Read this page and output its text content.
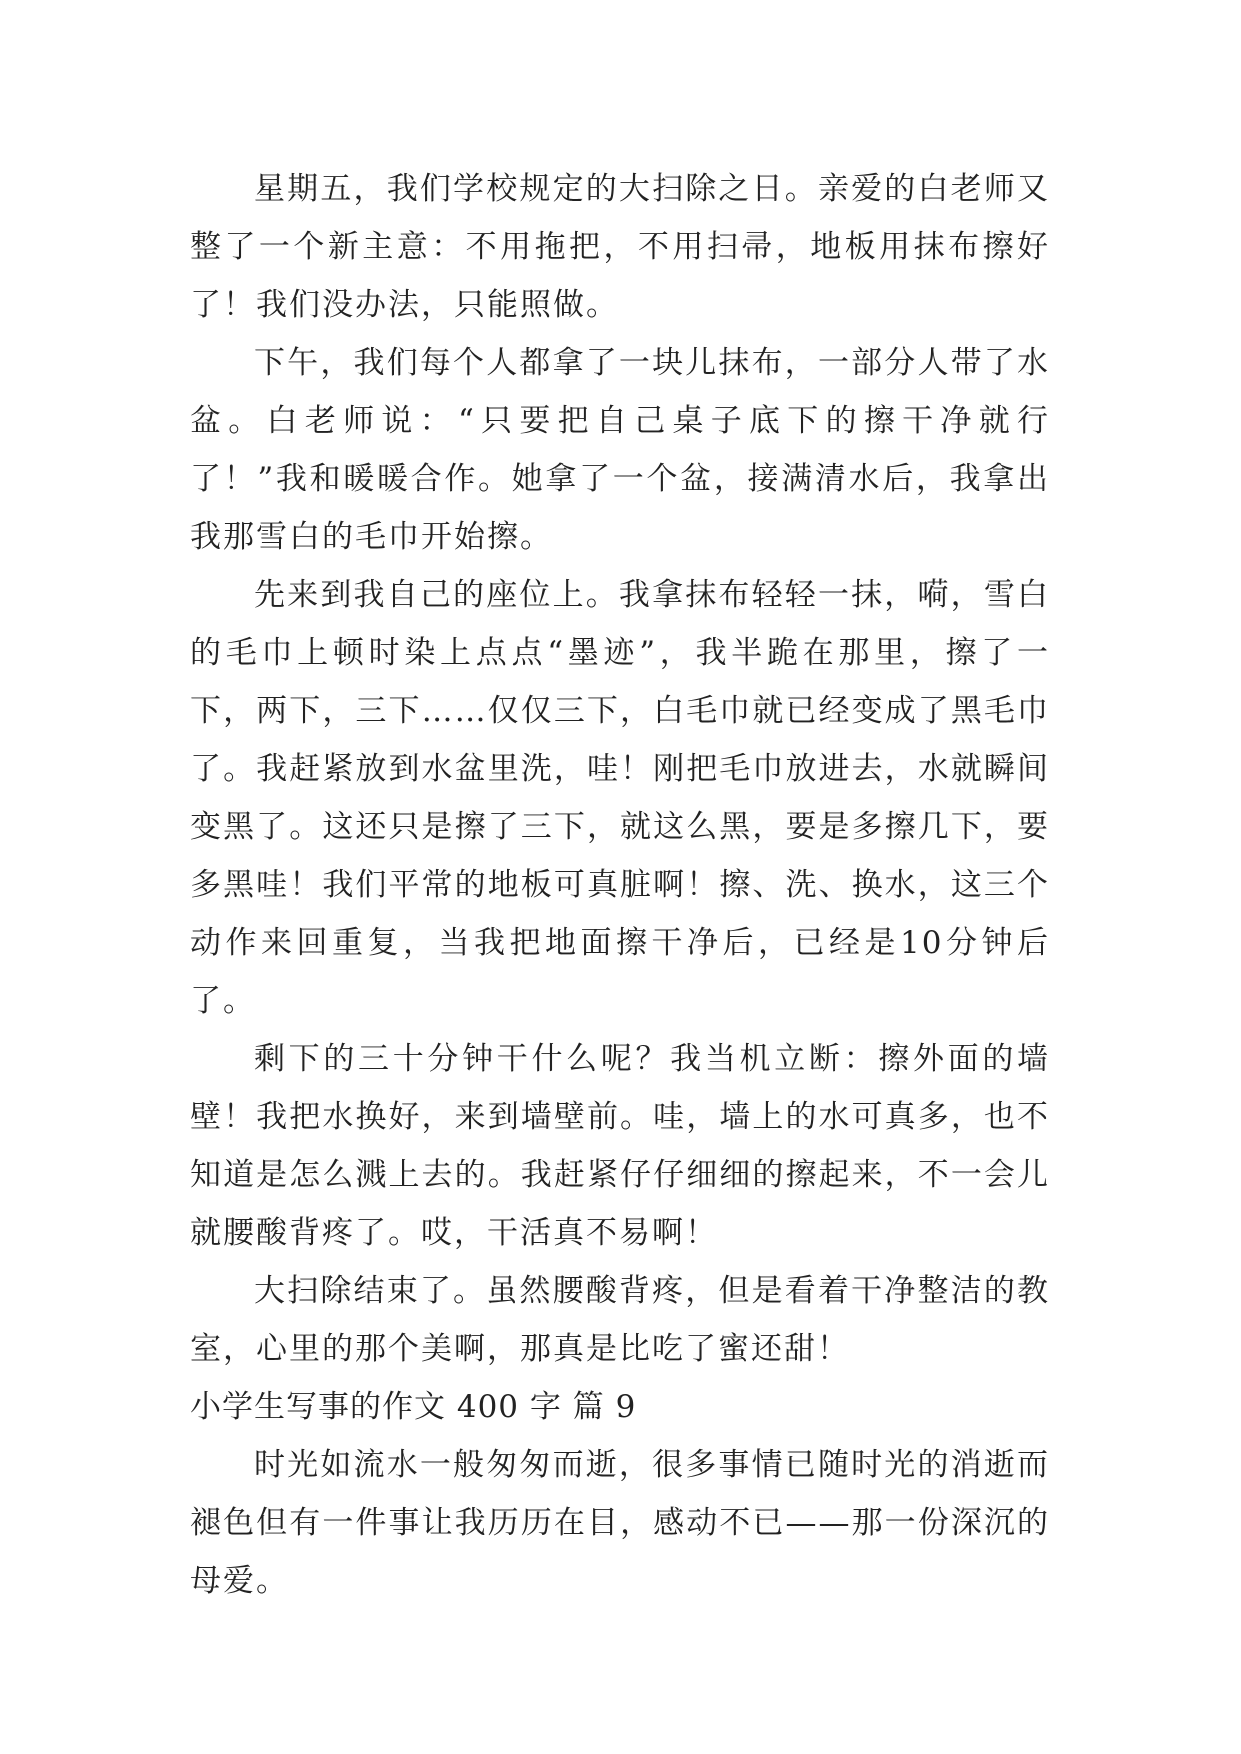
星期五，我们学校规定的大扫除之日。亲爱的白老师又整了一个新主意：不用拖把，不用扫帚，地板用抹布擦好了！我们没办法，只能照做。

下午，我们每个人都拿了一块儿抹布，一部分人带了水盆。白老师说：“只要把自己桌子底下的擦干净就行了！”我和暖暖合作。她拿了一个盆，接满清水后，我拿出我那雪白的毛巾开始擦。

先来到我自己的座位上。我拿抹布轻轻一抹，嗬，雪白的毛巾上顿时染上点点“墨迹”，我半跪在那里，擦了一下，两下，三下……仅仅三下，白毛巾就已经变成了黑毛巾了。我赶紧放到水盆里洗，哇！刚把毛巾放进去，水就瞬间变黑了。这还只是擦了三下，就这么黑，要是多擦几下，要多黑哇！我们平常的地板可真脏啊！擦、洗、换水，这三个动作来回重复，当我把地面擦干净后，已经是10分钟后了。

剩下的三十分钟干什么呢？我当机立断：擦外面的墙壁！我把水换好，来到墙壁前。哇，墙上的水可真多，也不知道是怎么溅上去的。我赶紧仔仔细细的擦起来，不一会儿就腰酸背疼了。哎，干活真不易啊！

大扫除结束了。虽然腰酸背疼，但是看着干净整洁的教室，心里的那个美啊，那真是比吃了蜜还甜！

小学生写事的作文 400 字 篇 9

时光如流水一般匆匆而逝，很多事情已随时光的消逝而褪色但有一件事让我历历在目，感动不已——那一份深沉的母爱。
